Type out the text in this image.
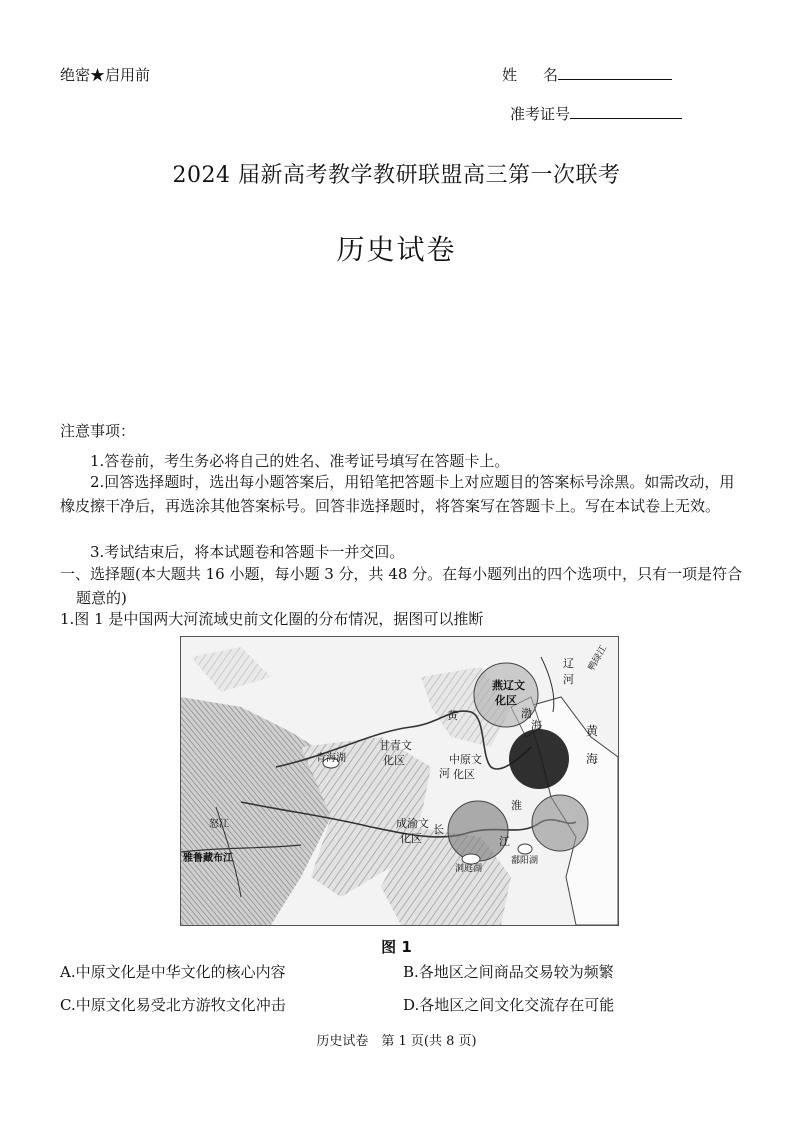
绝密★启用前	姓 名
准考证号
2024 届新高考教学教研联盟高三第一次联考
历史试卷
注意事项：
1.答卷前，考生务必将自己的姓名、准考证号填写在答题卡上。
2.回答选择题时，选出每小题答案后，用铅笔把答题卡上对应题目的答案标号涂黑。如需改动，用橡皮擦干净后，再选涂其他答案标号。回答非选择题时，将答案写在答题卡上。写在本试卷上无效。
3.考试结束后，将本试题卷和答题卡一并交回。
一、选择题(本大题共 16 小题，每小题 3 分，共 48 分。在每小题列出的四个选项中，只有一项是符合题意的)
1.图 1 是中国两大河流域史前文化圈的分布情况，据图可以推断
燕辽文
化区
甘青文
化区	中原文
化区
成渝文
化区
青海湖
怒江
雅鲁藏布江
辽
河
渤
海
黄
河
黄
海
长
江
淮
鄱阳湖
洞庭湖
鸭绿江
图 1
A.中原文化是中华文化的核心内容	B.各地区之间商品交易较为频繁
C.中原文化易受北方游牧文化冲击	D.各地区之间文化交流存在可能
历史试卷　第 1 页(共 8 页)
